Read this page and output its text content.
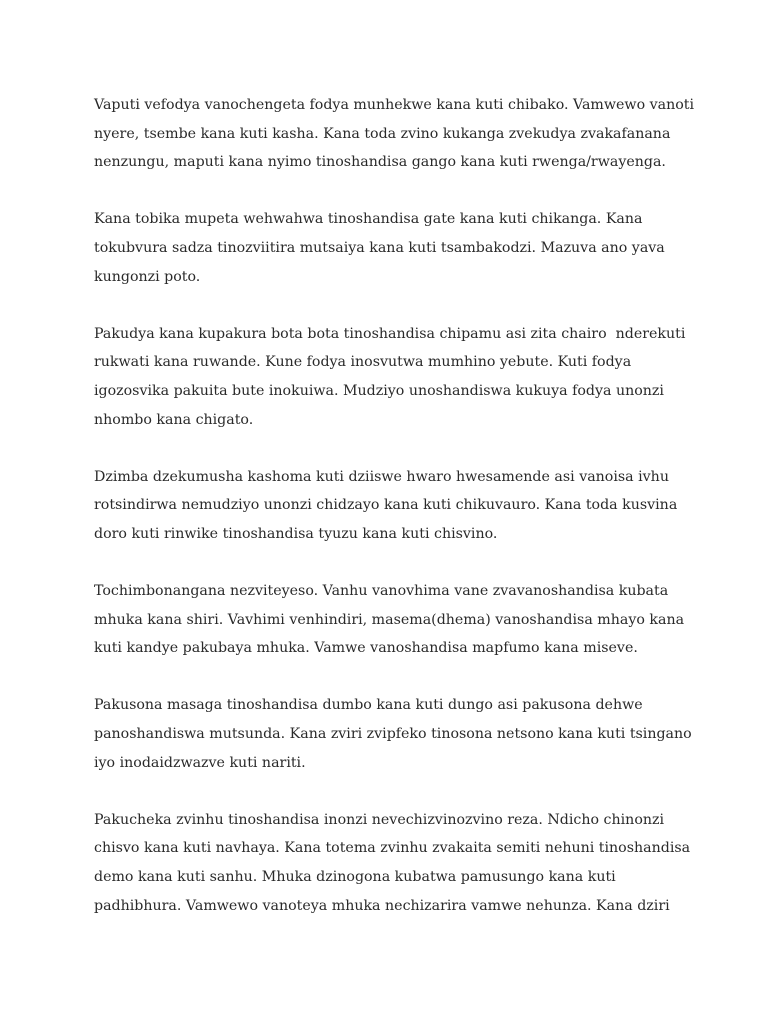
Vaputi vefodya vanochengeta fodya munhekwe kana kuti chibako. Vamwewo vanoti
nyere, tsembe kana kuti kasha. Kana toda zvino kukanga zvekudya zvakafanana
nenzungu, maputi kana nyimo tinoshandisa gango kana kuti rwenga/rwayenga.

Kana tobika mupeta wehwahwa tinoshandisa gate kana kuti chikanga. Kana
tokubvura sadza tinozviitira mutsaiya kana kuti tsambakodzi. Mazuva ano yava
kungonzi poto.

Pakudya kana kupakura bota bota tinoshandisa chipamu asi zita chairo  nderekuti
rukwati kana ruwande. Kune fodya inosvutwa mumhino yebute. Kuti fodya
igozosvika pakuita bute inokuiwa. Mudziyo unoshandiswa kukuya fodya unonzi
nhombo kana chigato.

Dzimba dzekumusha kashoma kuti dziiswe hwaro hwesamende asi vanoisa ivhu
rotsindirwa nemudziyo unonzi chidzayo kana kuti chikuvauro. Kana toda kusvina
doro kuti rinwike tinoshandisa tyuzu kana kuti chisvino.

Tochimbonangana nezviteyeso. Vanhu vanovhima vane zvavanoshandisa kubata
mhuka kana shiri. Vavhimi venhindiri, masema(dhema) vanoshandisa mhayo kana
kuti kandye pakubaya mhuka. Vamwe vanoshandisa mapfumo kana miseve.

Pakusona masaga tinoshandisa dumbo kana kuti dungo asi pakusona dehwe
panoshandiswa mutsunda. Kana zviri zvipfeko tinosona netsono kana kuti tsingano
iyo inodaidzwazve kuti nariti.

Pakucheka zvinhu tinoshandisa inonzi nevechizvinozvino reza. Ndicho chinonzi
chisvo kana kuti navhaya. Kana totema zvinhu zvakaita semiti nehuni tinoshandisa
demo kana kuti sanhu. Mhuka dzinogona kubatwa pamusungo kana kuti
padhibhura. Vamwewo vanoteya mhuka nechizarira vamwe nehunza. Kana dziri
